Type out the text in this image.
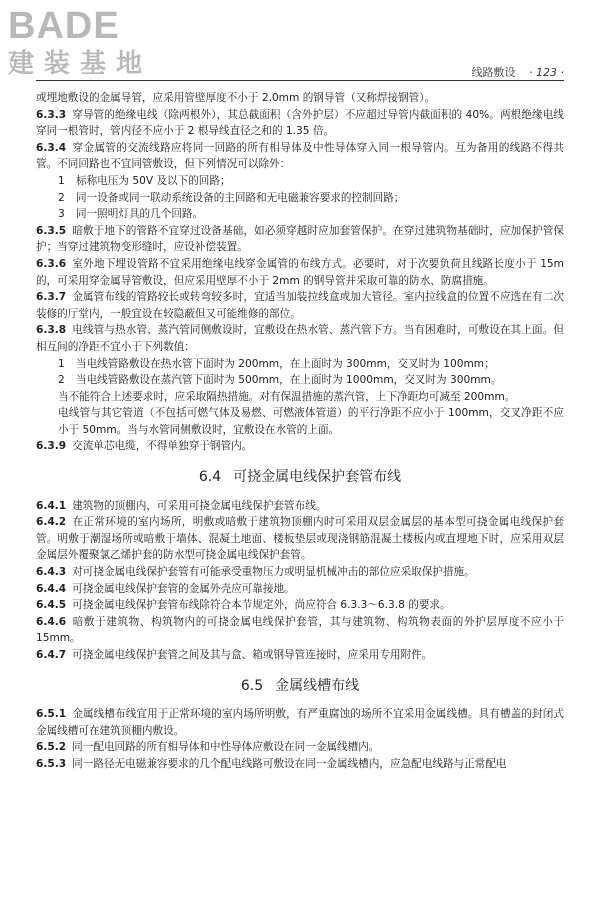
BADE
建装基地	线路敷设 · 123 ·

或埋地敷设的金属导管，应采用管壁厚度不小于 2.0mm 的钢导管（又称焊接钢管）。

6.3.3 穿导管的绝缘电线（除两根外），其总截面积（含外护层）不应超过导管内截面积的 40%。两根绝缘电线穿同一根管时，管内径不应小于 2 根导线直径之和的 1.35 倍。

6.3.4 穿金属管的交流线路应将同一回路的所有相导体及中性导体穿入同一根导管内。互为备用的线路不得共管。不同回路也不宜同管敷设，但下列情况可以除外：

1 标称电压为 50V 及以下的回路；

2 同一设备或同一联动系统设备的主回路和无电磁兼容要求的控制回路；

3 同一照明灯具的几个回路。

6.3.5 暗敷于地下的管路不宜穿过设备基础，如必须穿越时应加套管保护。在穿过建筑物基础时，应加保护管保护；当穿过建筑物变形缝时，应设补偿装置。

6.3.6 室外地下埋设管路不宜采用绝缘电线穿金属管的布线方式。必要时，对于次要负荷且线路长度小于 15m 的，可采用穿金属导管敷设，但应采用壁厚不小于 2mm 的钢导管并采取可靠的防水、防腐措施。

6.3.7 金属管布线的管路较长或转弯较多时，宜适当加装拉线盒或加大管径。室内拉线盒的位置不应选在有二次装修的厅堂内，一般宜设在较隐蔽但又可能维修的部位。

6.3.8 电线管与热水管、蒸汽管同侧敷设时，宜敷设在热水管、蒸汽管下方。当有困难时，可敷设在其上面。但相互间的净距不宜小于下列数值：

1 当电线管路敷设在热水管下面时为 200mm，在上面时为 300mm，交叉时为 100mm；

2 当电线管路敷设在蒸汽管下面时为 500mm，在上面时为 1000mm，交叉时为 300mm。

当不能符合上述要求时，应采取隔热措施。对有保温措施的蒸汽管，上下净距均可减至 200mm。

电线管与其它管道（不包括可燃气体及易燃、可燃液体管道）的平行净距不应小于 100mm，交叉净距不应小于 50mm。当与水管同侧敷设时，宜敷设在水管的上面。

6.3.9 交流单芯电缆，不得单独穿于钢管内。

6.4 可挠金属电线保护套管布线

6.4.1 建筑物的顶棚内，可采用可挠金属电线保护套管布线。

6.4.2 在正常环境的室内场所，明敷或暗敷于建筑物顶棚内时可采用双层金属层的基本型可挠金属电线保护套管。明敷于潮湿场所或暗敷于墙体、混凝土地面、楼板垫层或现浇钢筋混凝土楼板内或直埋地下时，应采用双层金属层外覆聚氯乙烯护套的防水型可挠金属电线保护套管。

6.4.3 对可挠金属电线保护套管有可能承受重物压力或明显机械冲击的部位应采取保护措施。

6.4.4 可挠金属电线保护套管的金属外壳应可靠接地。

6.4.5 可挠金属电线保护套管布线除符合本节规定外，尚应符合 6.3.3～6.3.8 的要求。

6.4.6 暗敷于建筑物、构筑物内的可挠金属电线保护套管，其与建筑物、构筑物表面的外护层厚度不应小于 15mm。

6.4.7 可挠金属电线保护套管之间及其与盒、箱或钢导管连接时，应采用专用附件。

6.5 金属线槽布线

6.5.1 金属线槽布线宜用于正常环境的室内场所明敷，有严重腐蚀的场所不宜采用金属线槽。具有槽盖的封闭式金属线槽可在建筑顶棚内敷设。

6.5.2 同一配电回路的所有相导体和中性导体应敷设在同一金属线槽内。

6.5.3 同一路径无电磁兼容要求的几个配电线路可敷设在同一金属线槽内，应急配电线路与正常配电
